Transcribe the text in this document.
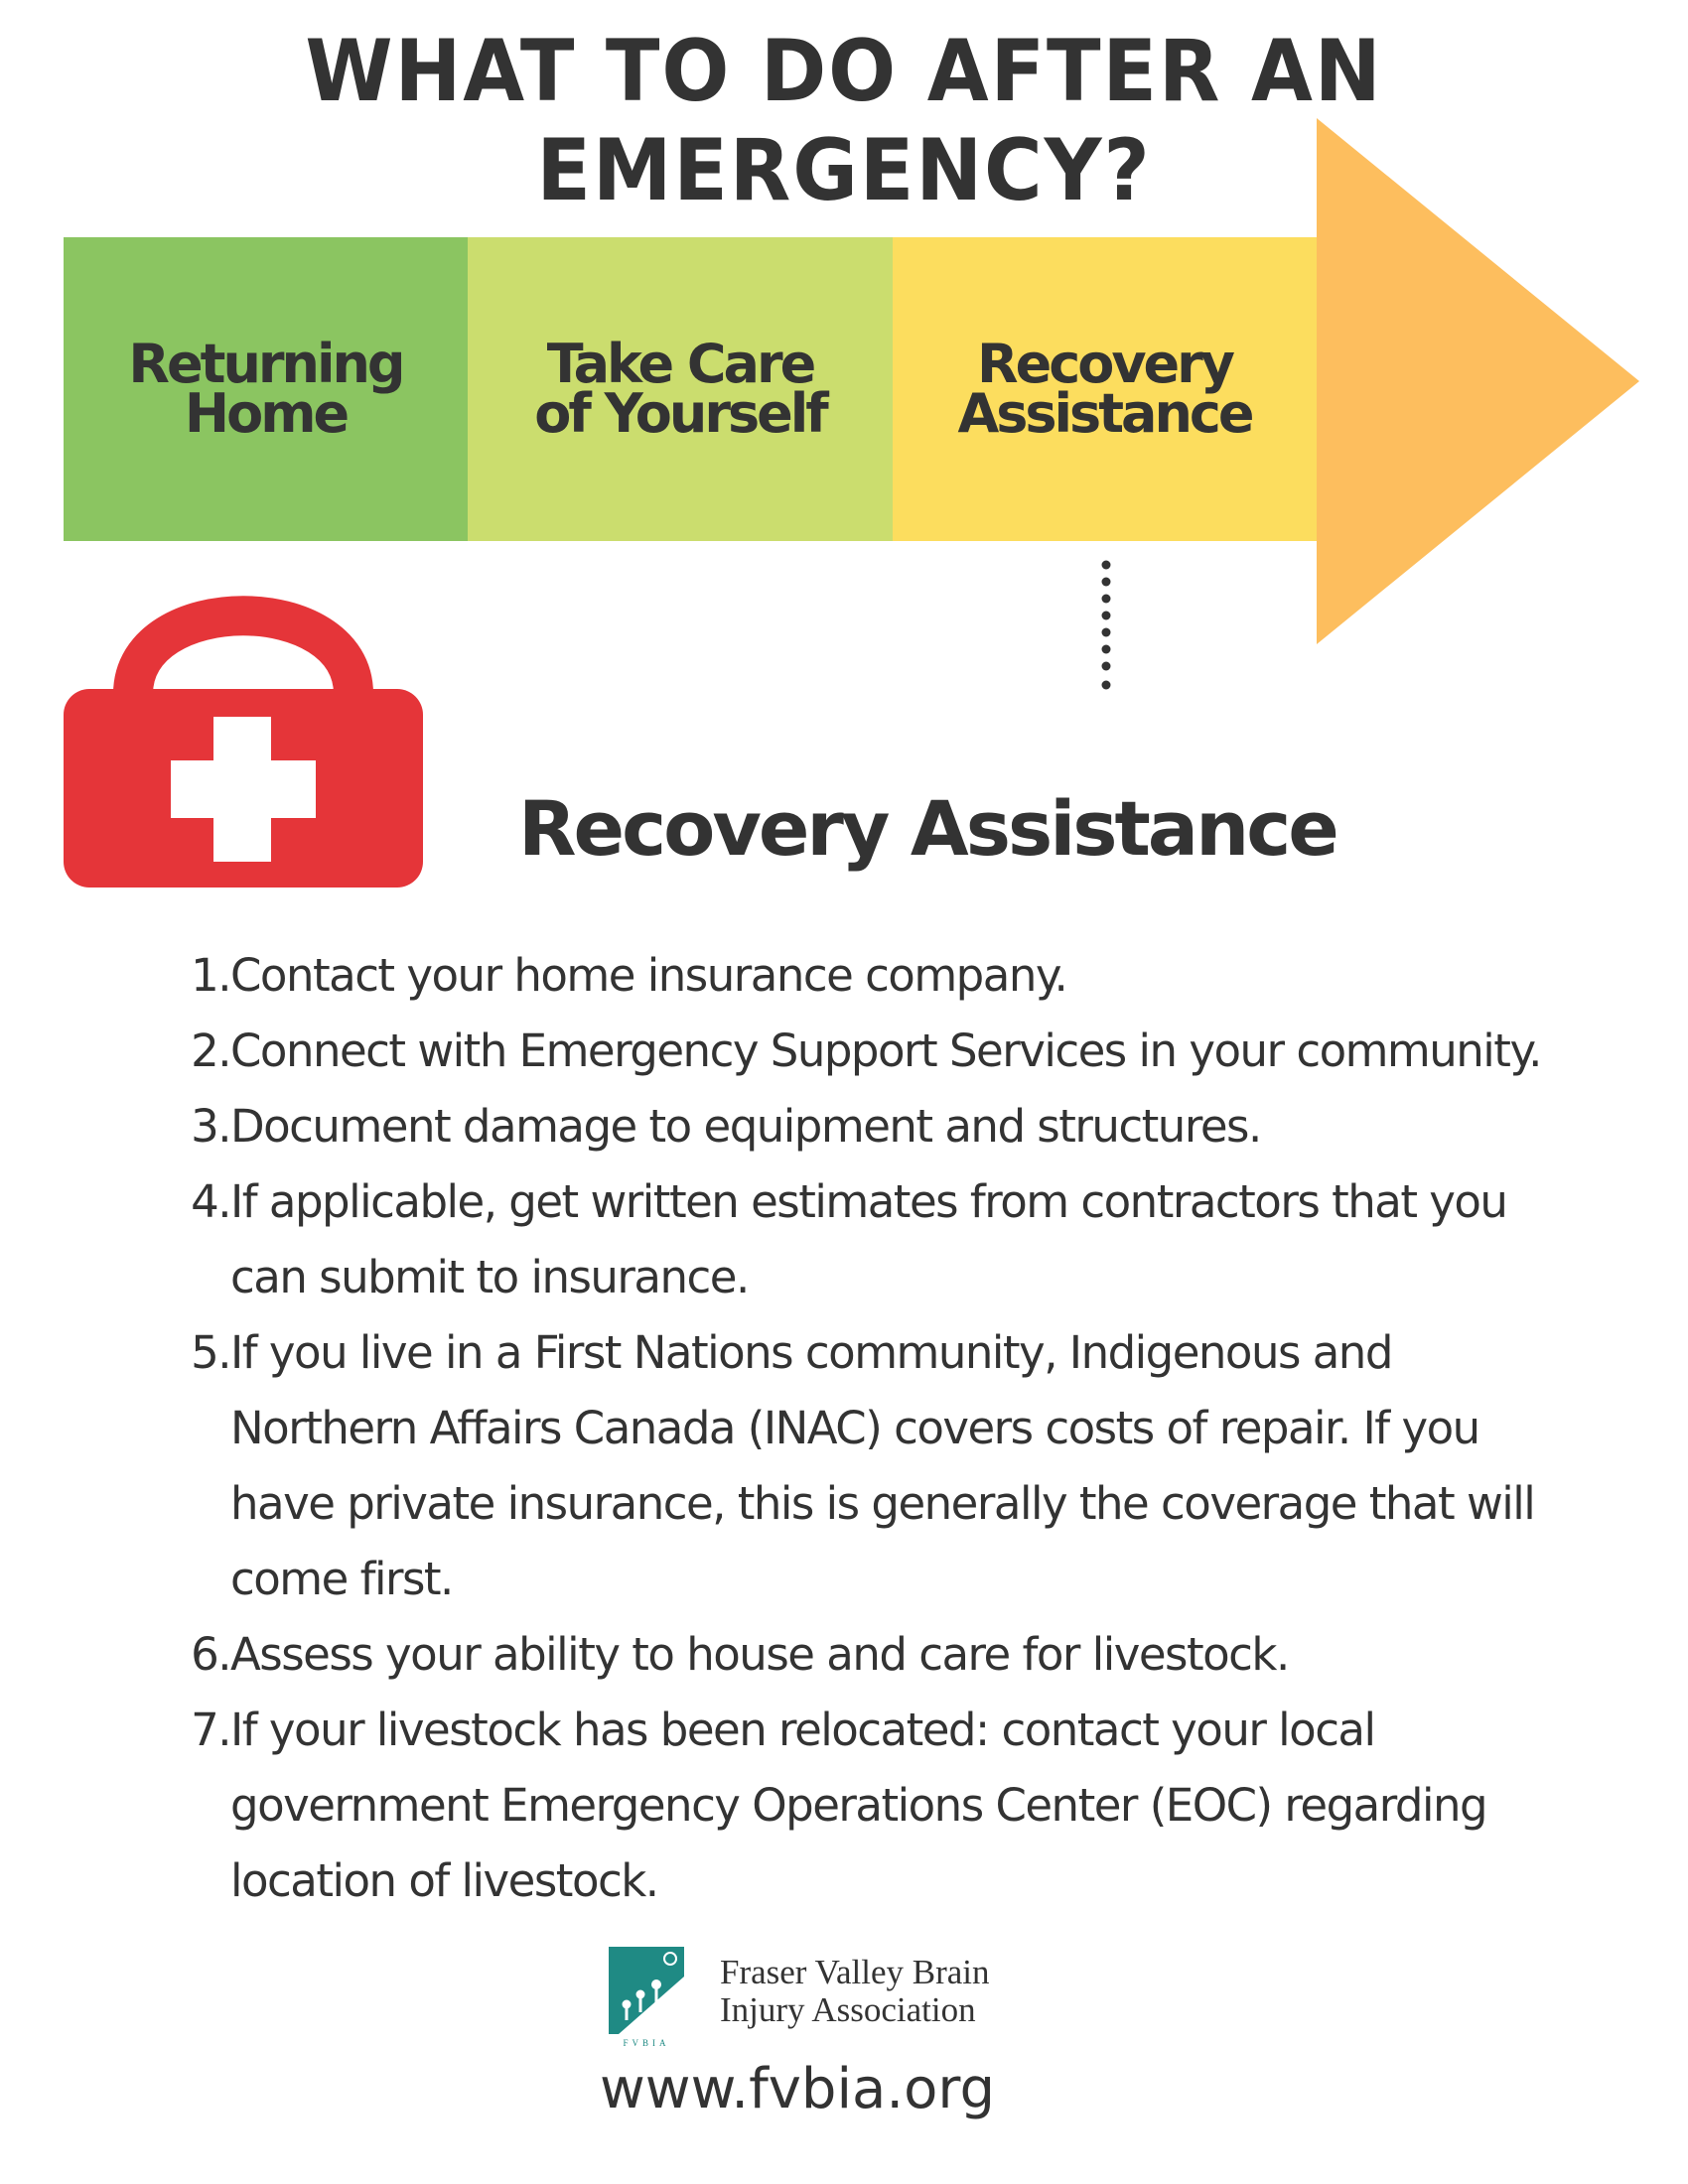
WHAT TO DO AFTER AN EMERGENCY?
Returning
Home
Take Care
of Yourself
Recovery
Assistance
Recovery Assistance
1. Contact your home insurance company.
2. Connect with Emergency Support Services in your community.
3. Document damage to equipment and structures.
4. If applicable, get written estimates from contractors that you can submit to insurance.
5. If you live in a First Nations community, Indigenous and Northern Affairs Canada (INAC) covers costs of repair. If you have private insurance, this is generally the coverage that will come first.
6. Assess your ability to house and care for livestock.
7. If your livestock has been relocated: contact your local government Emergency Operations Center (EOC) regarding location of livestock.
FVBIA
Fraser Valley Brain
Injury Association
www.fvbia.org
